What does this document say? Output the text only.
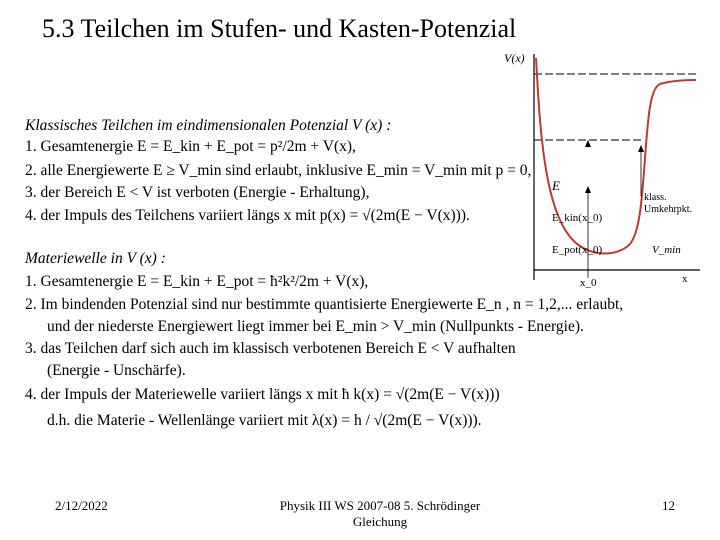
5.3 Teilchen im Stufen- und Kasten-Potenzial
Klassisches Teilchen im eindimensionalen Potenzial V (x) :
1. Gesamtenergie E = E_kin + E_pot = p²/2m + V(x),
2. alle Energiewerte E ≥ V_min sind erlaubt, inklusive E_min = V_min mit p = 0,
3. der Bereich E < V ist verboten (Energie - Erhaltung),
4. der Impuls des Teilchens variiert längs x mit p(x) = √(2m(E − V(x))).
Materiewelle in V (x) :
1. Gesamtenergie E = E_kin + E_pot = ħ²k²/2m + V(x),
2. Im bindenden Potenzial sind nur bestimmte quantisierte Energiewerte E_n , n = 1,2,... erlaubt,
und der niederste Energiewert liegt immer bei E_min > V_min (Nullpunkts - Energie).
3. das Teilchen darf sich auch im klassisch verbotenen Bereich E < V aufhalten
(Energie - Unschärfe).
4. der Impuls der Materiewelle variiert längs x mit ħ k(x) = √(2m(E − V(x)))
d.h. die Materie - Wellenlänge variiert mit λ(x) = h / √(2m(E − V(x))).
V(x)
E
E_kin(x_0)
E_pot(x_0)	V_min
x_0	x
klass.
Umkehrpkt.
2/12/2022	Physik III WS 2007-08 5. Schrödinger Gleichung
12
